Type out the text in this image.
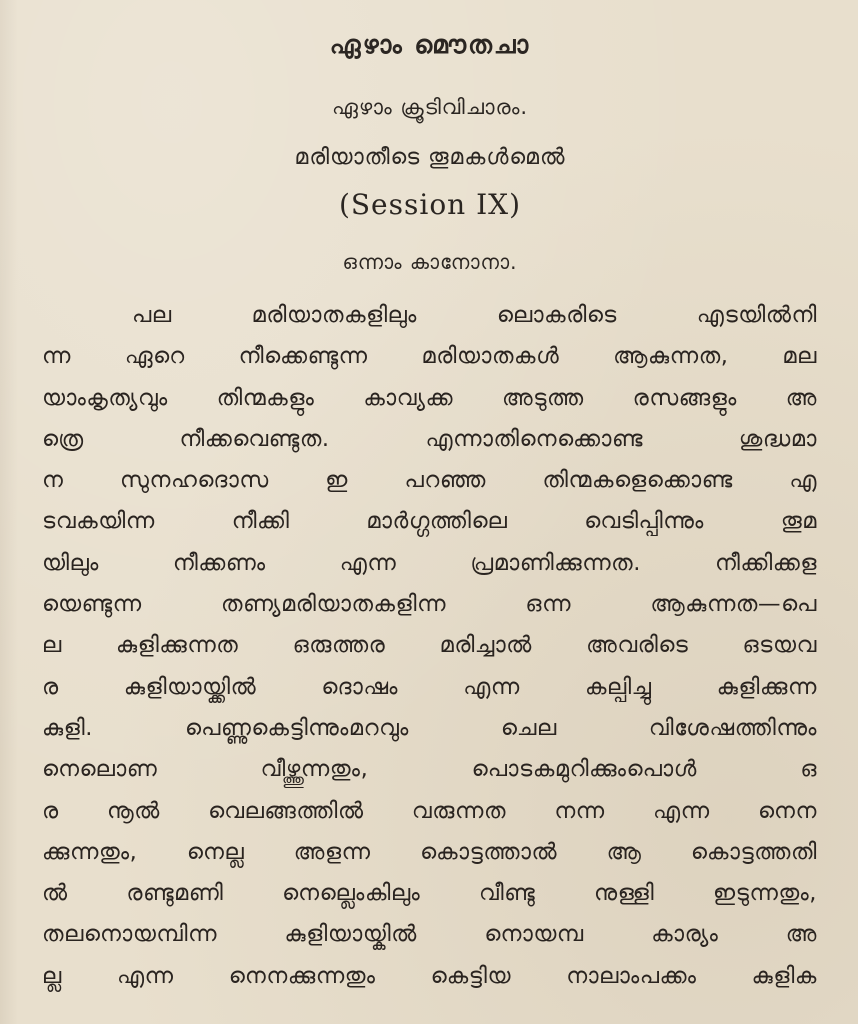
ഏഴാം മൌതചാ
ഏഴാം ക്രൂടിവിചാരം.
മരിയാതീടെ തൂമകൾമെൽ
(Session IX)
ഒന്നാം കാനോനാ.
പല മരിയാതകളിലും ലൊകരിടെ എടയിൽനി
ന്ന ഏറെ നീക്കെണ്ടുന്ന മരിയാതകൾ ആകുന്നത, മല
യാംകൃത്യവും തിന്മകളും കാവ്യക്ക അടുത്ത രസങ്ങളും അ
ത്രെ നീക്കവെണ്ടുത. എന്നാതിനെക്കൊണ്ട ശുദ്ധമാ
ന സുനഹദൊസ ഇ പറഞ്ഞ തിന്മകളെക്കൊണ്ട എ
ടവകയിന്ന നീക്കി മാർഗ്ഗത്തിലെ വെടിപ്പിന്നും തൂമ
യിലും നീക്കണം എന്ന പ്രമാണിക്കുന്നത. നീക്കിക്കള
യെണ്ടുന്ന തണ്യമരിയാതകളിന്ന ഒന്ന ആകുന്നത—പെ
ല കുളിക്കുന്നത ഒരുത്തര മരിച്ചാൽ അവരിടെ ഒടയവ
ര കുളിയായ്ക്കിൽ ദൊഷം എന്ന കല്പിച്ചു കുളിക്കുന്ന
കുളി. പെണ്ണുകെട്ടിന്നുംമറവും ചെല വിശേഷത്തിന്നും
നെലൊണ വീഴ്ത്തുന്നതും, പൊടകമുറിക്കുംപൊൾ ഒ
ര നൂൽ വെലങ്ങത്തിൽ വരുന്നത നന്ന എന്ന നെന
ക്കുന്നതും, നെല്ല അളന്ന കൊട്ടത്താൽ ആ കൊട്ടത്തതി
ൽ രണ്ടുമണി നെല്ലെംകിലും വീണ്ടു നുള്ളി ഇടുന്നതും,
തലനൊയമ്പിന്ന കുളിയായ്കിൽ നൊയമ്പ കാര്യം അ
ല്ല എന്ന നെനക്കുന്നതും കെട്ടിയ നാലാംപക്കം കുളിക
